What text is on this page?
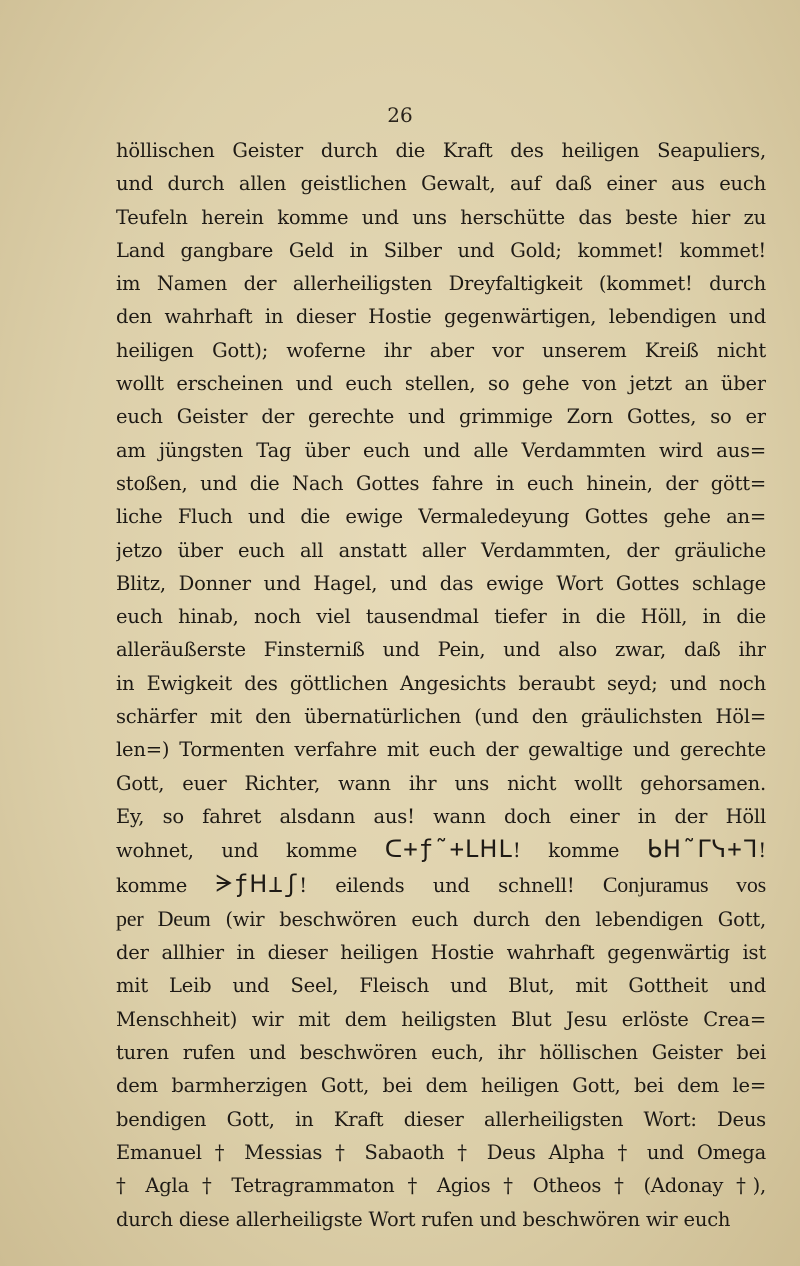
26
höllischen Geister durch die Kraft des heiligen Seapuliers,
und durch allen geistlichen Gewalt, auf daß einer aus euch
Teufeln herein komme und uns herschütte das beste hier zu
Land gangbare Geld in Silber und Gold; kommet! kommet!
im Namen der allerheiligsten Dreyfaltigkeit (kommet! durch
den wahrhaft in dieser Hostie gegenwärtigen, lebendigen und
heiligen Gott); woferne ihr aber vor unserem Kreiß nicht
wollt erscheinen und euch stellen, so gehe von jetzt an über
euch Geister der gerechte und grimmige Zorn Gottes, so er
am jüngsten Tag über euch und alle Verdammten wird aus=
stoßen, und die Nach Gottes fahre in euch hinein, der gött=
liche Fluch und die ewige Vermaledeyung Gottes gehe an=
jetzo über euch all anstatt aller Verdammten, der gräuliche
Blitz, Donner und Hagel, und das ewige Wort Gottes schlage
euch hinab, noch viel tausendmal tiefer in die Höll, in die
alleräußerste Finsterniß und Pein, und also zwar, daß ihr
in Ewigkeit des göttlichen Angesichts beraubt seyd; und noch
schärfer mit den übernatürlichen (und den gräulichsten Höl=
len=) Tormenten verfahre mit euch der gewaltige und gerechte
Gott, euer Richter, wann ihr uns nicht wollt gehorsamen.
Ey, so fahret alsdann aus! wann doch einer in der Höll
wohnet, und komme ᑕ+ƒ῀+ᒪᕼᒪ! komme ᑲᕼ῀ᒥᓭ+ᒣ!
komme ᗒƒᕼ⊥ʃ! eilends und schnell! Conjuramus vos
per Deum (wir beschwören euch durch den lebendigen Gott,
der allhier in dieser heiligen Hostie wahrhaft gegenwärtig ist
mit Leib und Seel, Fleisch und Blut, mit Gottheit und
Menschheit) wir mit dem heiligsten Blut Jesu erlöste Crea=
turen rufen und beschwören euch, ihr höllischen Geister bei
dem barmherzigen Gott, bei dem heiligen Gott, bei dem le=
bendigen Gott, in Kraft dieser allerheiligsten Wort: Deus
Emanuel † Messias † Sabaoth † Deus Alpha † und Omega
† Agla † Tetragrammaton † Agios † Otheos † (Adonay †),
durch diese allerheiligste Wort rufen und beschwören wir euch
